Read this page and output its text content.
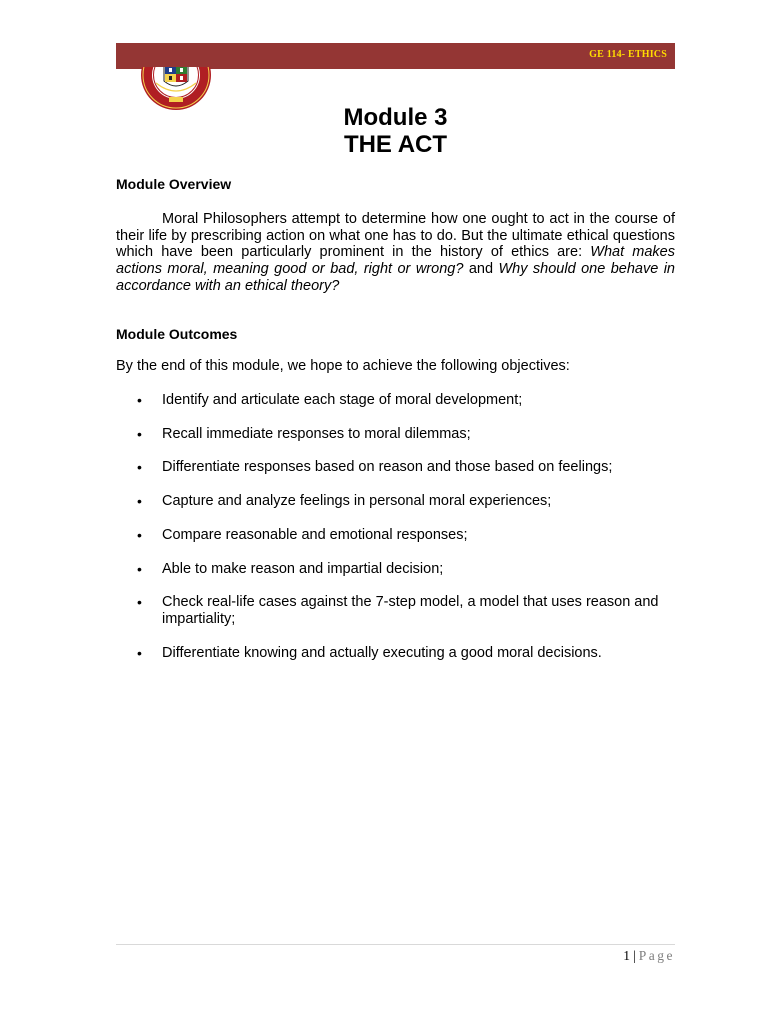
GE 114- ETHICS

Module 3

THE ACT

Module Overview

Moral Philosophers attempt to determine how one ought to act in the course of their life by prescribing action on what one has to do. But the ultimate ethical questions which have been particularly prominent in the history of ethics are: What makes actions moral, meaning good or bad, right or wrong? and Why should one behave in accordance with an ethical theory?

Module Outcomes

By the end of this module, we hope to achieve the following objectives:

• Identify and articulate each stage of moral development;
• Recall immediate responses to moral dilemmas;
• Differentiate responses based on reason and those based on feelings;
• Capture and analyze feelings in personal moral experiences;
• Compare reasonable and emotional responses;
• Able to make reason and impartial decision;
• Check real-life cases against the 7-step model, a model that uses reason and impartiality;
• Differentiate knowing and actually executing a good moral decisions.
1 | Page
